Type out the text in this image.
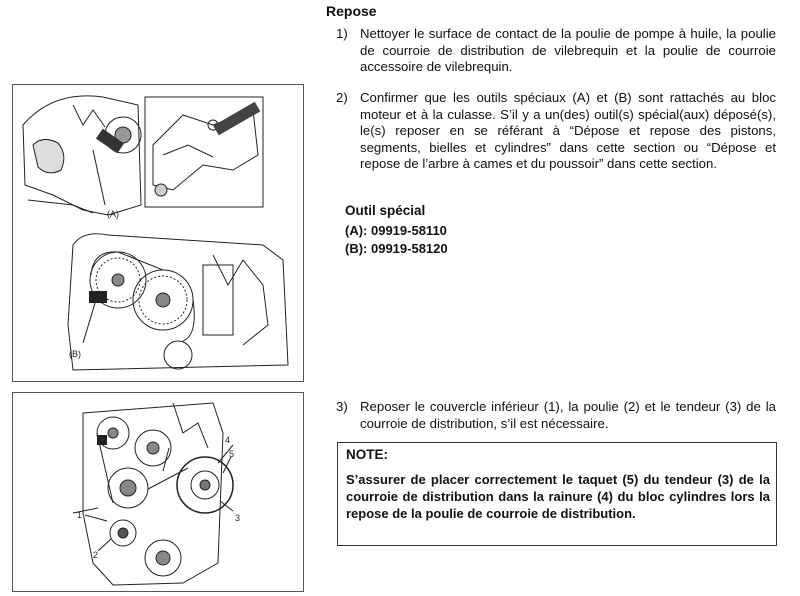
(A)
(B)
1
2
3
4
5
Repose
1) Nettoyer le surface de contact de la poulie de pompe à huile, la poulie de courroie de distribution de vilebrequin et la poulie de courroie accessoire de vilebrequin.
2) Confirmer que les outils spéciaux (A) et (B) sont rattachés au bloc moteur et à la culasse. S’il y a un(des) outil(s) spécial(aux) déposé(s), le(s) reposer en se référant à “Dépose et repose des pistons, segments, bielles et cylindres” dans cette section ou “Dépose et repose de l’arbre à cames et du poussoir” dans cette section.
Outil spécial
(A): 09919-58110
(B): 09919-58120
3) Reposer le couvercle inférieur (1), la poulie (2) et le tendeur (3) de la courroie de distribution, s’il est nécessaire.
NOTE:
S’assurer de placer correctement le taquet (5) du tendeur (3) de la courroie de distribution dans la rainure (4) du bloc cylindres lors la repose de la poulie de courroie de distribution.
